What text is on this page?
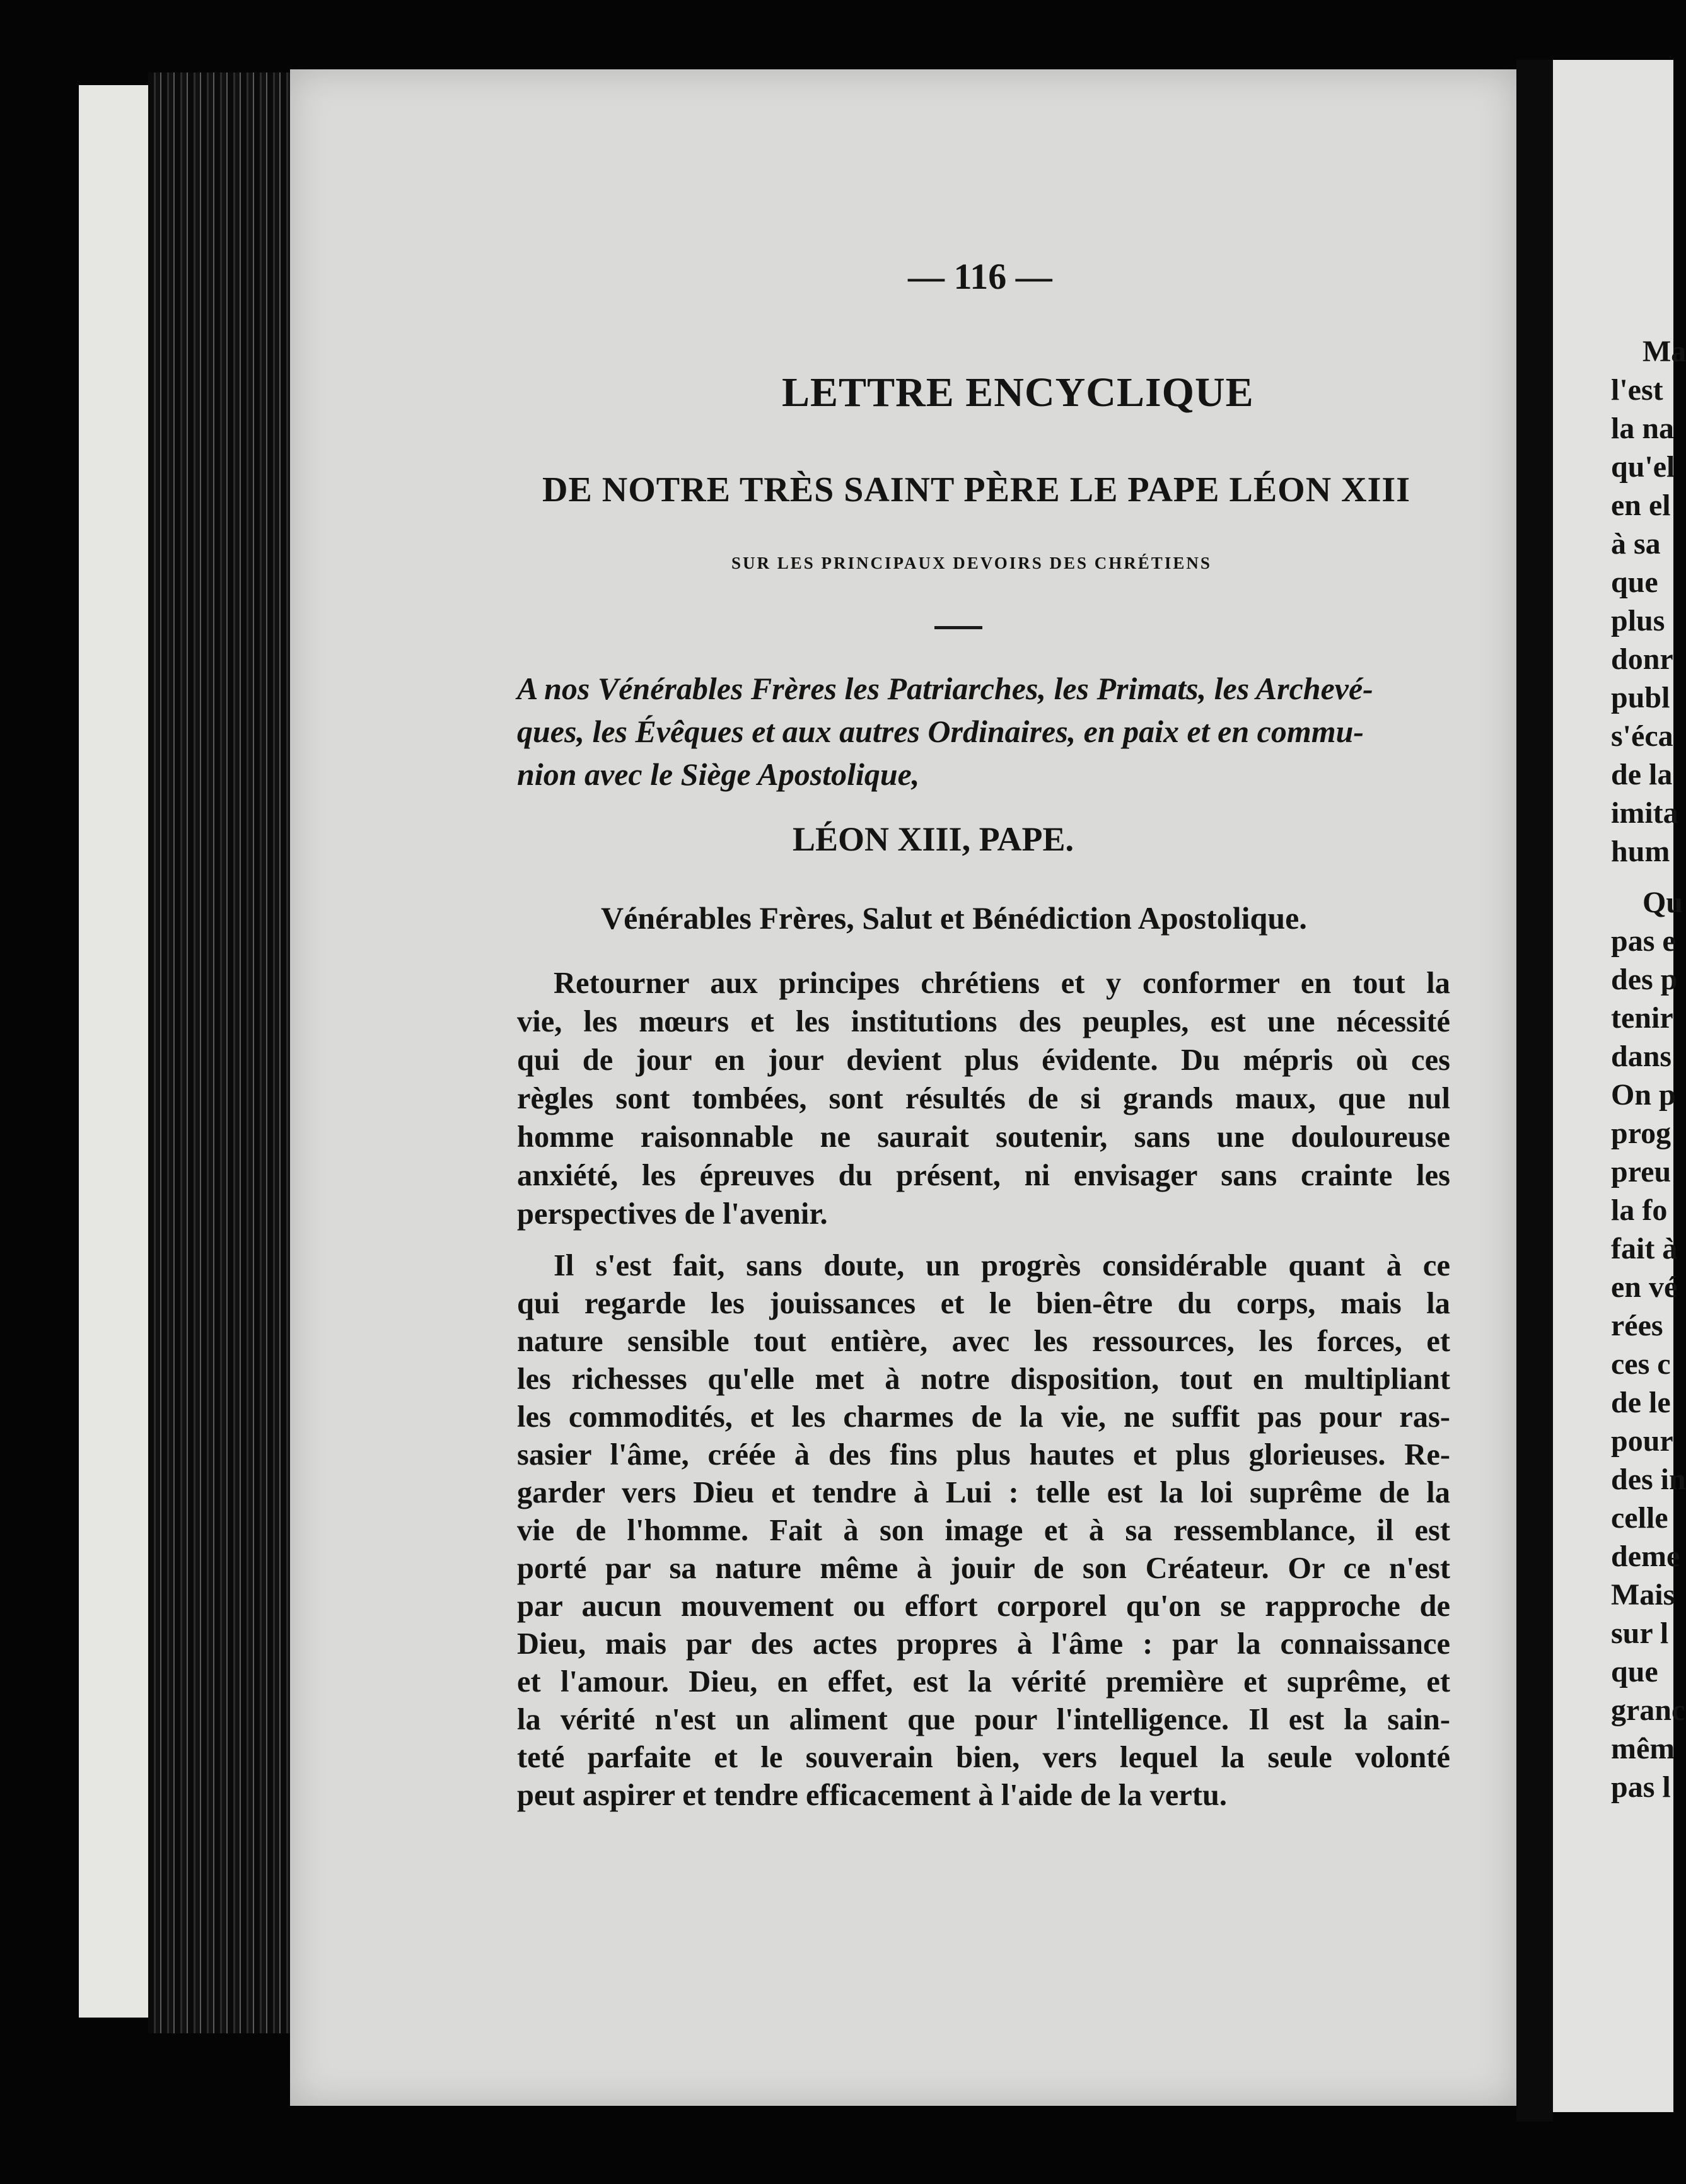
— 116 —
LETTRE ENCYCLIQUE
DE NOTRE TRÈS SAINT PÈRE LE PAPE LÉON XIII
SUR LES PRINCIPAUX DEVOIRS DES CHRÉTIENS
A nos Vénérables Frères les Patriarches, les Primats, les Archevé-
ques, les Évêques et aux autres Ordinaires, en paix et en commu-
nion avec le Siège Apostolique,
LÉON XIII, PAPE.
Vénérables Frères, Salut et Bénédiction Apostolique.
Retourner aux principes chrétiens et y conformer en tout la
vie, les mœurs et les institutions des peuples, est une nécessité
qui de jour en jour devient plus évidente. Du mépris où ces
règles sont tombées, sont résultés de si grands maux, que nul
homme raisonnable ne saurait soutenir, sans une douloureuse
anxiété, les épreuves du présent, ni envisager sans crainte les
perspectives de l'avenir.
Il s'est fait, sans doute, un progrès considérable quant à ce
qui regarde les jouissances et le bien-être du corps, mais la
nature sensible tout entière, avec les ressources, les forces, et
les richesses qu'elle met à notre disposition, tout en multipliant
les commodités, et les charmes de la vie, ne suffit pas pour ras-
sasier l'âme, créée à des fins plus hautes et plus glorieuses. Re-
garder vers Dieu et tendre à Lui : telle est la loi suprême de la
vie de l'homme. Fait à son image et à sa ressemblance, il est
porté par sa nature même à jouir de son Créateur. Or ce n'est
par aucun mouvement ou effort corporel qu'on se rapproche de
Dieu, mais par des actes propres à l'âme : par la connaissance
et l'amour. Dieu, en effet, est la vérité première et suprême, et
la vérité n'est un aliment que pour l'intelligence. Il est la sain-
teté parfaite et le souverain bien, vers lequel la seule volonté
peut aspirer et tendre efficacement à l'aide de la vertu.
Ma
l'est
la na
qu'el
en el
à sa
que
plus
donr
publ
s'éca
de la
imita
hum
Qu
pas e
des p
tenir
dans
On p
prog
preu
la fo
fait à
en vé
rées
ces c
de le
pour
des in
celle
deme
Mais
sur l
que
granc
mêm
pas l
